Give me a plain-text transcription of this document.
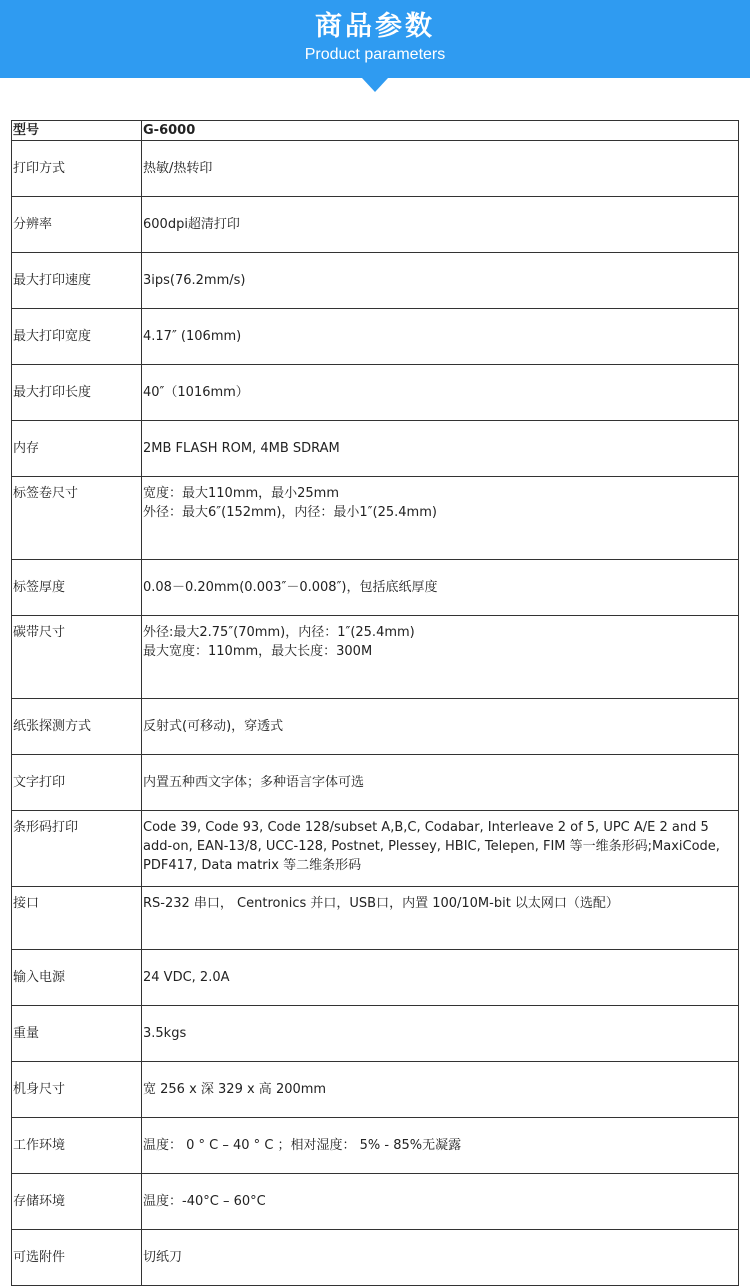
商品参数
Product parameters
型号	G-6000

打印方式	热敏/热转印

分辨率	600dpi超清打印

最大打印速度	3ips(76.2mm/s)

最大打印宽度	4.17″ (106mm)

最大打印长度	40″（1016mm）

内存	2MB FLASH ROM, 4MB SDRAM

标签卷尺寸	宽度：最大110mm，最小25mm
外径：最大6″(152mm)，内径：最小1″(25.4mm)

标签厚度	0.08－0.20mm(0.003″－0.008″)，包括底纸厚度

碳带尺寸	外径:最大2.75″(70mm)，内径：1″(25.4mm)
最大宽度：110mm，最大长度：300M

纸张探测方式	反射式(可移动)，穿透式

文字打印	内置五种西文字体；多种语言字体可选

条形码打印	Code 39, Code 93, Code 128/subset A,B,C, Codabar, Interleave 2 of 5, UPC A/E 2 and 5 add-on, EAN-13/8, UCC-128, Postnet, Plessey, HBIC, Telepen, FIM 等一维条形码;MaxiCode, PDF417, Data matrix 等二维条形码

接口	RS-232 串口， Centronics 并口，USB口，内置 100/10M-bit 以太网口（选配）

输入电源	24 VDC, 2.0A

重量	3.5kgs

机身尺寸	宽 256 x 深 329 x 高 200mm

工作环境	温度： 0 ° C – 40 ° C ；相对湿度： 5% - 85%无凝露

存储环境	温度：-40°C – 60°C

可选附件	切纸刀
